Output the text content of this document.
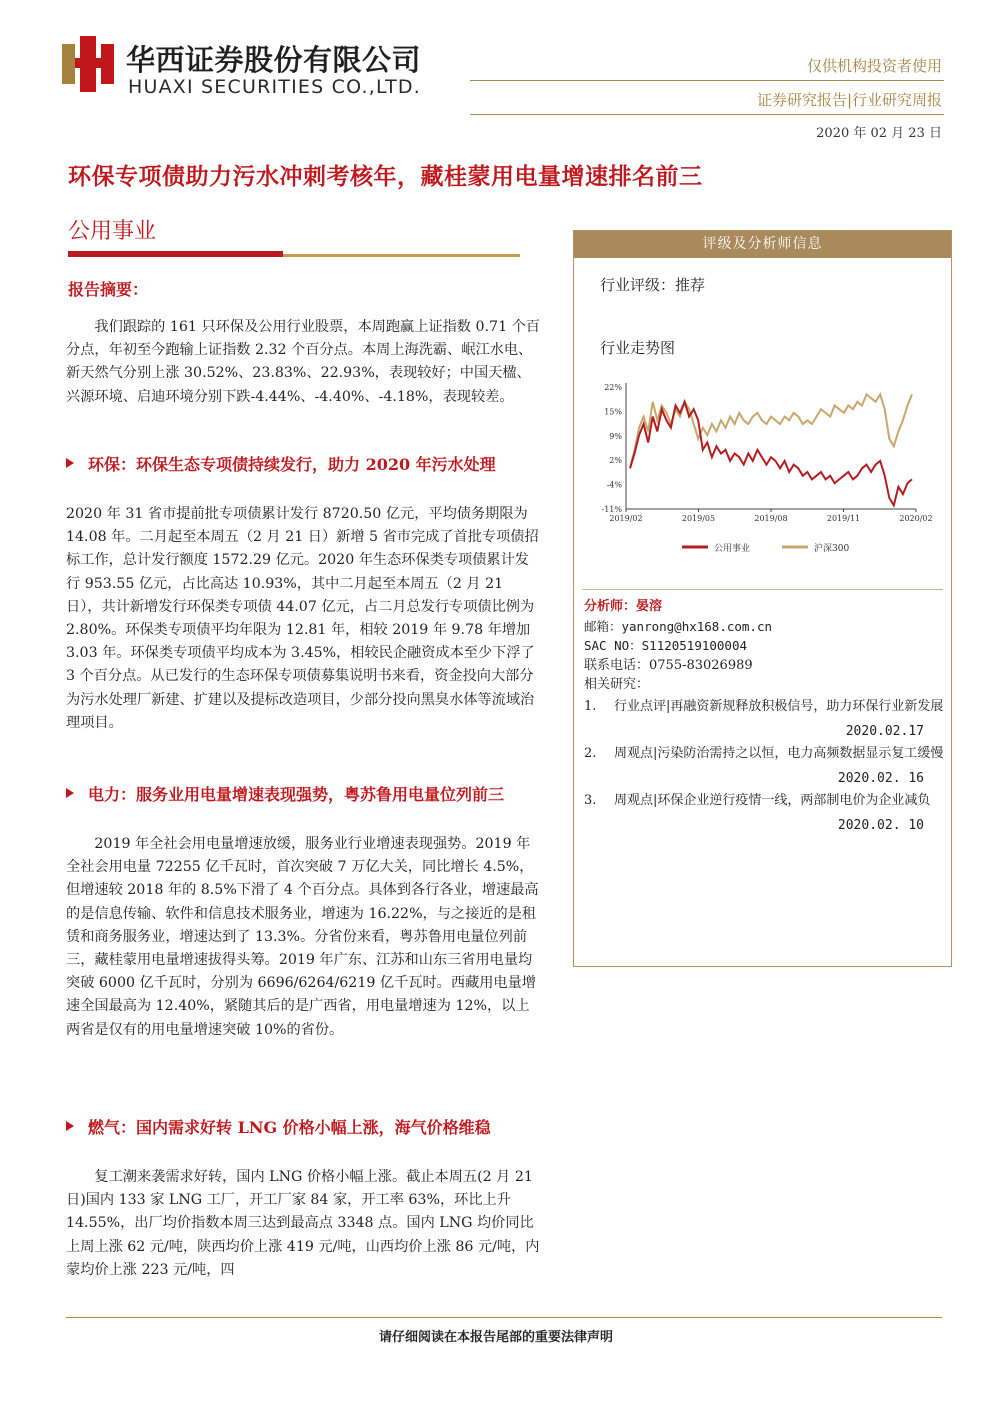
华西证券股份有限公司
HUAXI SECURITIES CO.,LTD.
仅供机构投资者使用
证券研究报告|行业研究周报
2020 年 02 月 23 日
环保专项债助力污水冲刺考核年，藏桂蒙用电量增速排名前三
公用事业
报告摘要：

我们跟踪的 161 只环保及公用行业股票，本周跑赢上证指数 0.71 个百分点，年初至今跑输上证指数 2.32 个百分点。本周上海洗霸、岷江水电、新天然气分别上涨 30.52%、23.83%、22.93%，表现较好；中国天楹、兴源环境、启迪环境分别下跌-4.44%、-4.40%、-4.18%，表现较差。

环保：环保生态专项债持续发行，助力 2020 年污水处理

2020 年 31 省市提前批专项债累计发行 8720.50 亿元，平均债务期限为 14.08 年。二月起至本周五（2 月 21 日）新增 5 省市完成了首批专项债招标工作，总计发行额度 1572.29 亿元。2020 年生态环保类专项债累计发行 953.55 亿元，占比高达 10.93%，其中二月起至本周五（2 月 21 日），共计新增发行环保类专项债 44.07 亿元，占二月总发行专项债比例为 2.80%。环保类专项债平均年限为 12.81 年，相较 2019 年 9.78 年增加 3.03 年。环保类专项债平均成本为 3.45%，相较民企融资成本至少下浮了 3 个百分点。从已发行的生态环保专项债募集说明书来看，资金投向大部分为污水处理厂新建、扩建以及提标改造项目，少部分投向黑臭水体等流域治理项目。

电力：服务业用电量增速表现强势，粤苏鲁用电量位列前三

2019 年全社会用电量增速放缓，服务业行业增速表现强势。2019 年全社会用电量 72255 亿千瓦时，首次突破 7 万亿大关，同比增长 4.5%，但增速较 2018 年的 8.5%下滑了 4 个百分点。具体到各行各业，增速最高的是信息传输、软件和信息技术服务业，增速为 16.22%，与之接近的是租赁和商务服务业，增速达到了 13.3%。分省份来看，粤苏鲁用电量位列前三，藏桂蒙用电量增速拔得头筹。2019 年广东、江苏和山东三省用电量均突破 6000 亿千瓦时，分别为 6696/6264/6219 亿千瓦时。西藏用电量增速全国最高为 12.40%，紧随其后的是广西省，用电量增速为 12%，以上两省是仅有的用电量增速突破 10%的省份。

燃气：国内需求好转 LNG 价格小幅上涨，海气价格维稳

复工潮来袭需求好转，国内 LNG 价格小幅上涨。截止本周五(2 月 21 日)国内 133 家 LNG 工厂，开工厂家 84 家，开工率 63%，环比上升 14.55%，出厂均价指数本周三达到最高点 3348 点。国内 LNG 均价同比上周上涨 62 元/吨，陕西均价上涨 419 元/吨，山西均价上涨 86 元/吨，内蒙均价上涨 223 元/吨，四

评级及分析师信息
行业评级：推荐
行业走势图
22%
15%
9%
2%
-4%
-11%
2019/02	2019/05	2019/08	2019/11	2020/02
公用事业	沪深300
分析师：晏溶
邮箱：yanrong@hx168.com.cn
SAC NO：S1120519100004
联系电话：0755-83026989
相关研究：
1. 行业点评|再融资新规释放积极信号，助力环保行业新发展
2020.02.17
2. 周观点|污染防治需持之以恒，电力高频数据显示复工缓慢
2020.02. 16
3. 周观点|环保企业逆行疫情一线，两部制电价为企业减负
2020.02. 10
请仔细阅读在本报告尾部的重要法律声明
